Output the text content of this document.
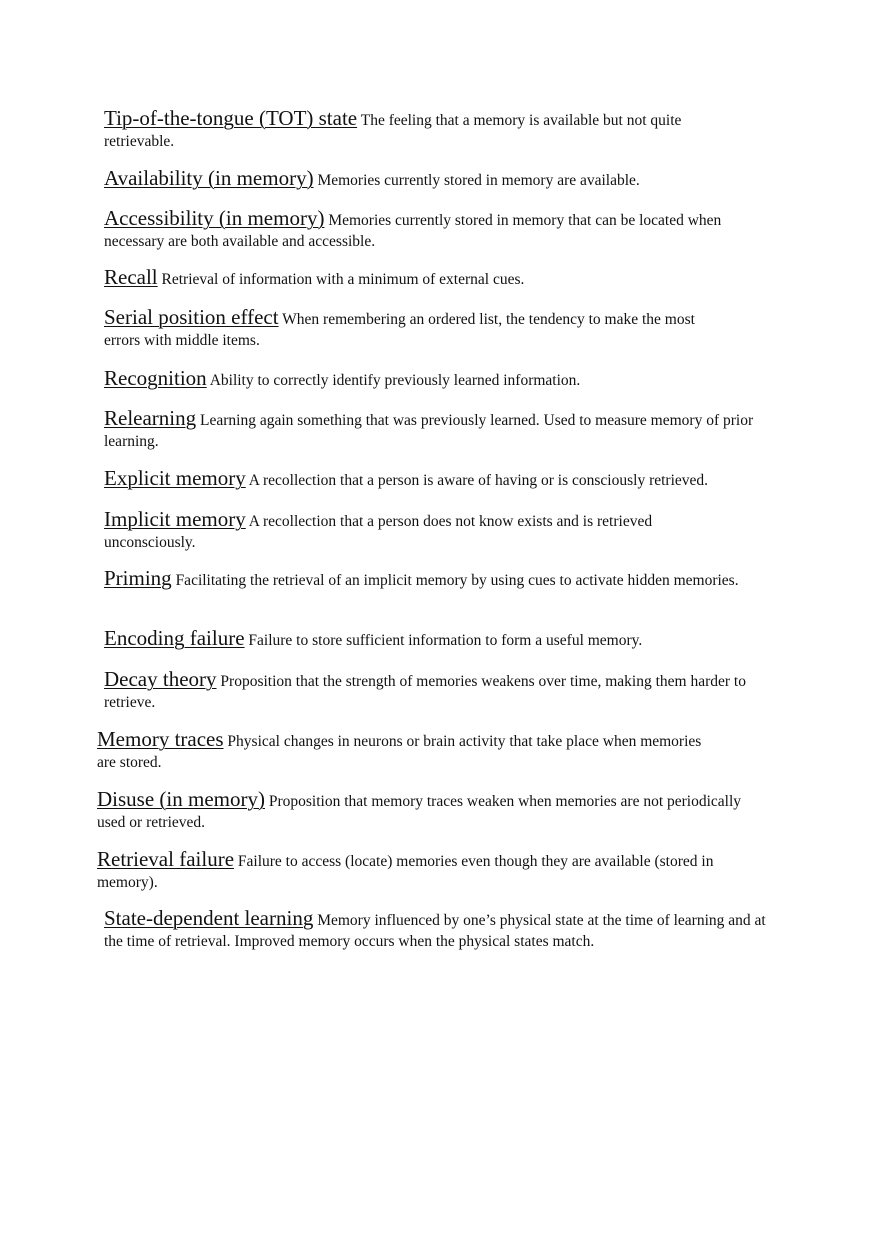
Tip-of-the-tongue (TOT) state The feeling that a memory is available but not quite retrievable.
Availability (in memory) Memories currently stored in memory are available.
Accessibility (in memory) Memories currently stored in memory that can be located when necessary are both available and accessible.
Recall Retrieval of information with a minimum of external cues.
Serial position effect When remembering an ordered list, the tendency to make the most errors with middle items.
Recognition Ability to correctly identify previously learned information.
Relearning Learning again something that was previously learned. Used to measure memory of prior learning.
Explicit memory A recollection that a person is aware of having or is consciously retrieved.
Implicit memory A recollection that a person does not know exists and is retrieved unconsciously.
Priming Facilitating the retrieval of an implicit memory by using cues to activate hidden memories.
Encoding failure Failure to store sufficient information to form a useful memory.
Decay theory Proposition that the strength of memories weakens over time, making them harder to retrieve.
Memory traces Physical changes in neurons or brain activity that take place when memories are stored.
Disuse (in memory) Proposition that memory traces weaken when memories are not periodically used or retrieved.
Retrieval failure Failure to access (locate) memories even though they are available (stored in memory).
State-dependent learning Memory influenced by one’s physical state at the time of learning and at the time of retrieval. Improved memory occurs when the physical states match.
